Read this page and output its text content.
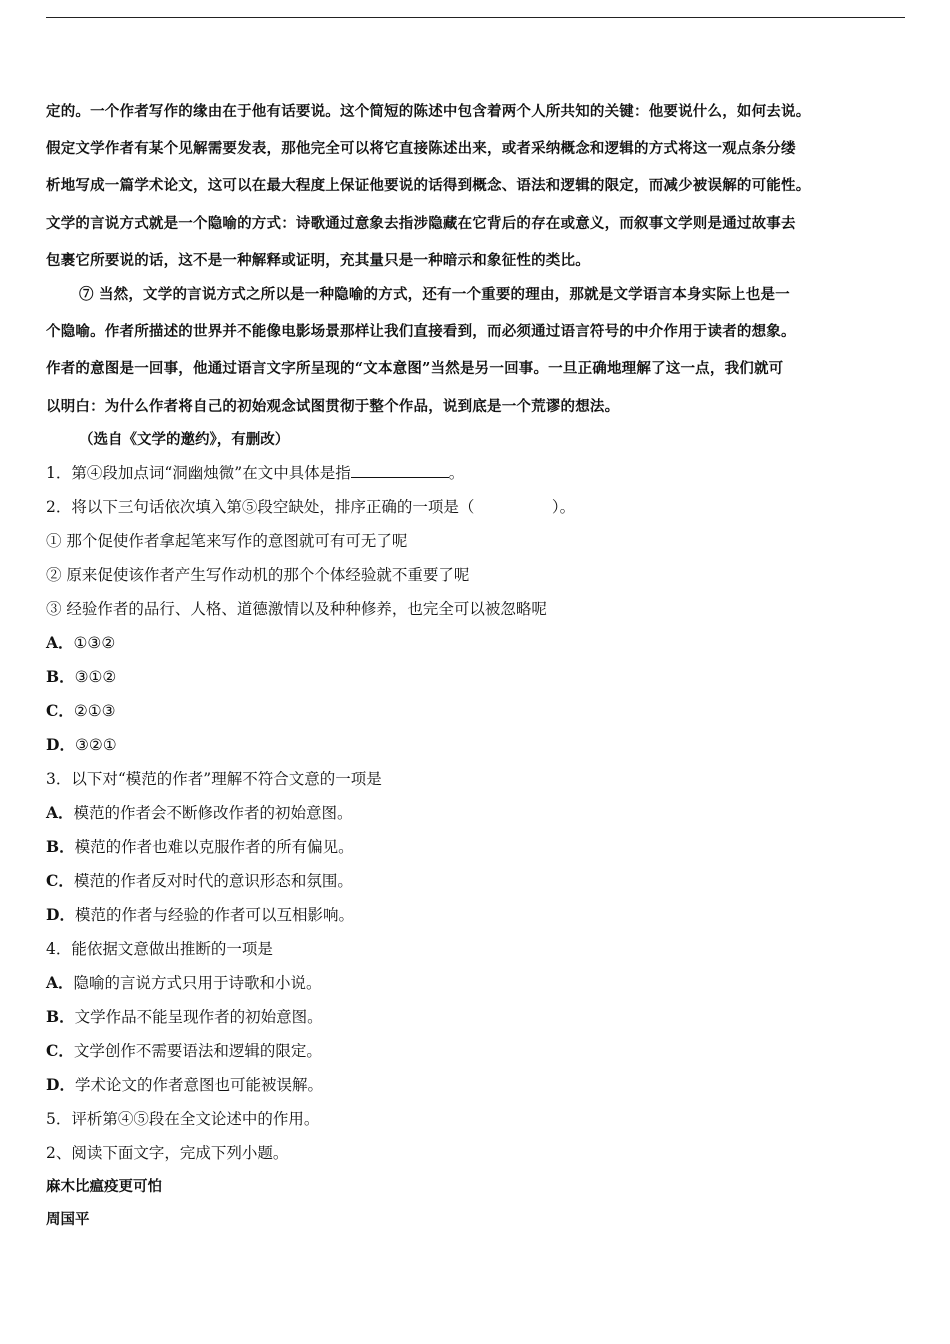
定的。一个作者写作的缘由在于他有话要说。这个简短的陈述中包含着两个人所共知的关键：他要说什么，如何去说。
假定文学作者有某个见解需要发表，那他完全可以将它直接陈述出来，或者采纳概念和逻辑的方式将这一观点条分缕
析地写成一篇学术论文，这可以在最大程度上保证他要说的话得到概念、语法和逻辑的限定，而减少被误解的可能性。
文学的言说方式就是一个隐喻的方式：诗歌通过意象去指涉隐藏在它背后的存在或意义，而叙事文学则是通过故事去
包裹它所要说的话，这不是一种解释或证明，充其量只是一种暗示和象征性的类比。
⑦ 当然，文学的言说方式之所以是一种隐喻的方式，还有一个重要的理由，那就是文学语言本身实际上也是一
个隐喻。作者所描述的世界并不能像电影场景那样让我们直接看到，而必须通过语言符号的中介作用于读者的想象。
作者的意图是一回事，他通过语言文字所呈现的“文本意图”当然是另一回事。一旦正确地理解了这一点，我们就可
以明白：为什么作者将自己的初始观念试图贯彻于整个作品，说到底是一个荒谬的想法。
（选自《文学的邀约》，有删改）
1．第④段加点词“洞幽烛微”在文中具体是指	。
2．将以下三句话依次填入第⑤段空缺处，排序正确的一项是（　　　　　）。
① 那个促使作者拿起笔来写作的意图就可有可无了呢
② 原来促使该作者产生写作动机的那个个体经验就不重要了呢
③ 经验作者的品行、人格、道德激情以及种种修养，也完全可以被忽略呢
A．①③②
B．③①②
C．②①③
D．③②①
3．以下对“模范的作者”理解不符合文意的一项是
A．模范的作者会不断修改作者的初始意图。
B．模范的作者也难以克服作者的所有偏见。
C．模范的作者反对时代的意识形态和氛围。
D．模范的作者与经验的作者可以互相影响。
4．能依据文意做出推断的一项是
A．隐喻的言说方式只用于诗歌和小说。
B．文学作品不能呈现作者的初始意图。
C．文学创作不需要语法和逻辑的限定。
D．学术论文的作者意图也可能被误解。
5．评析第④⑤段在全文论述中的作用。
2、阅读下面文字，完成下列小题。
麻木比瘟疫更可怕
周国平
